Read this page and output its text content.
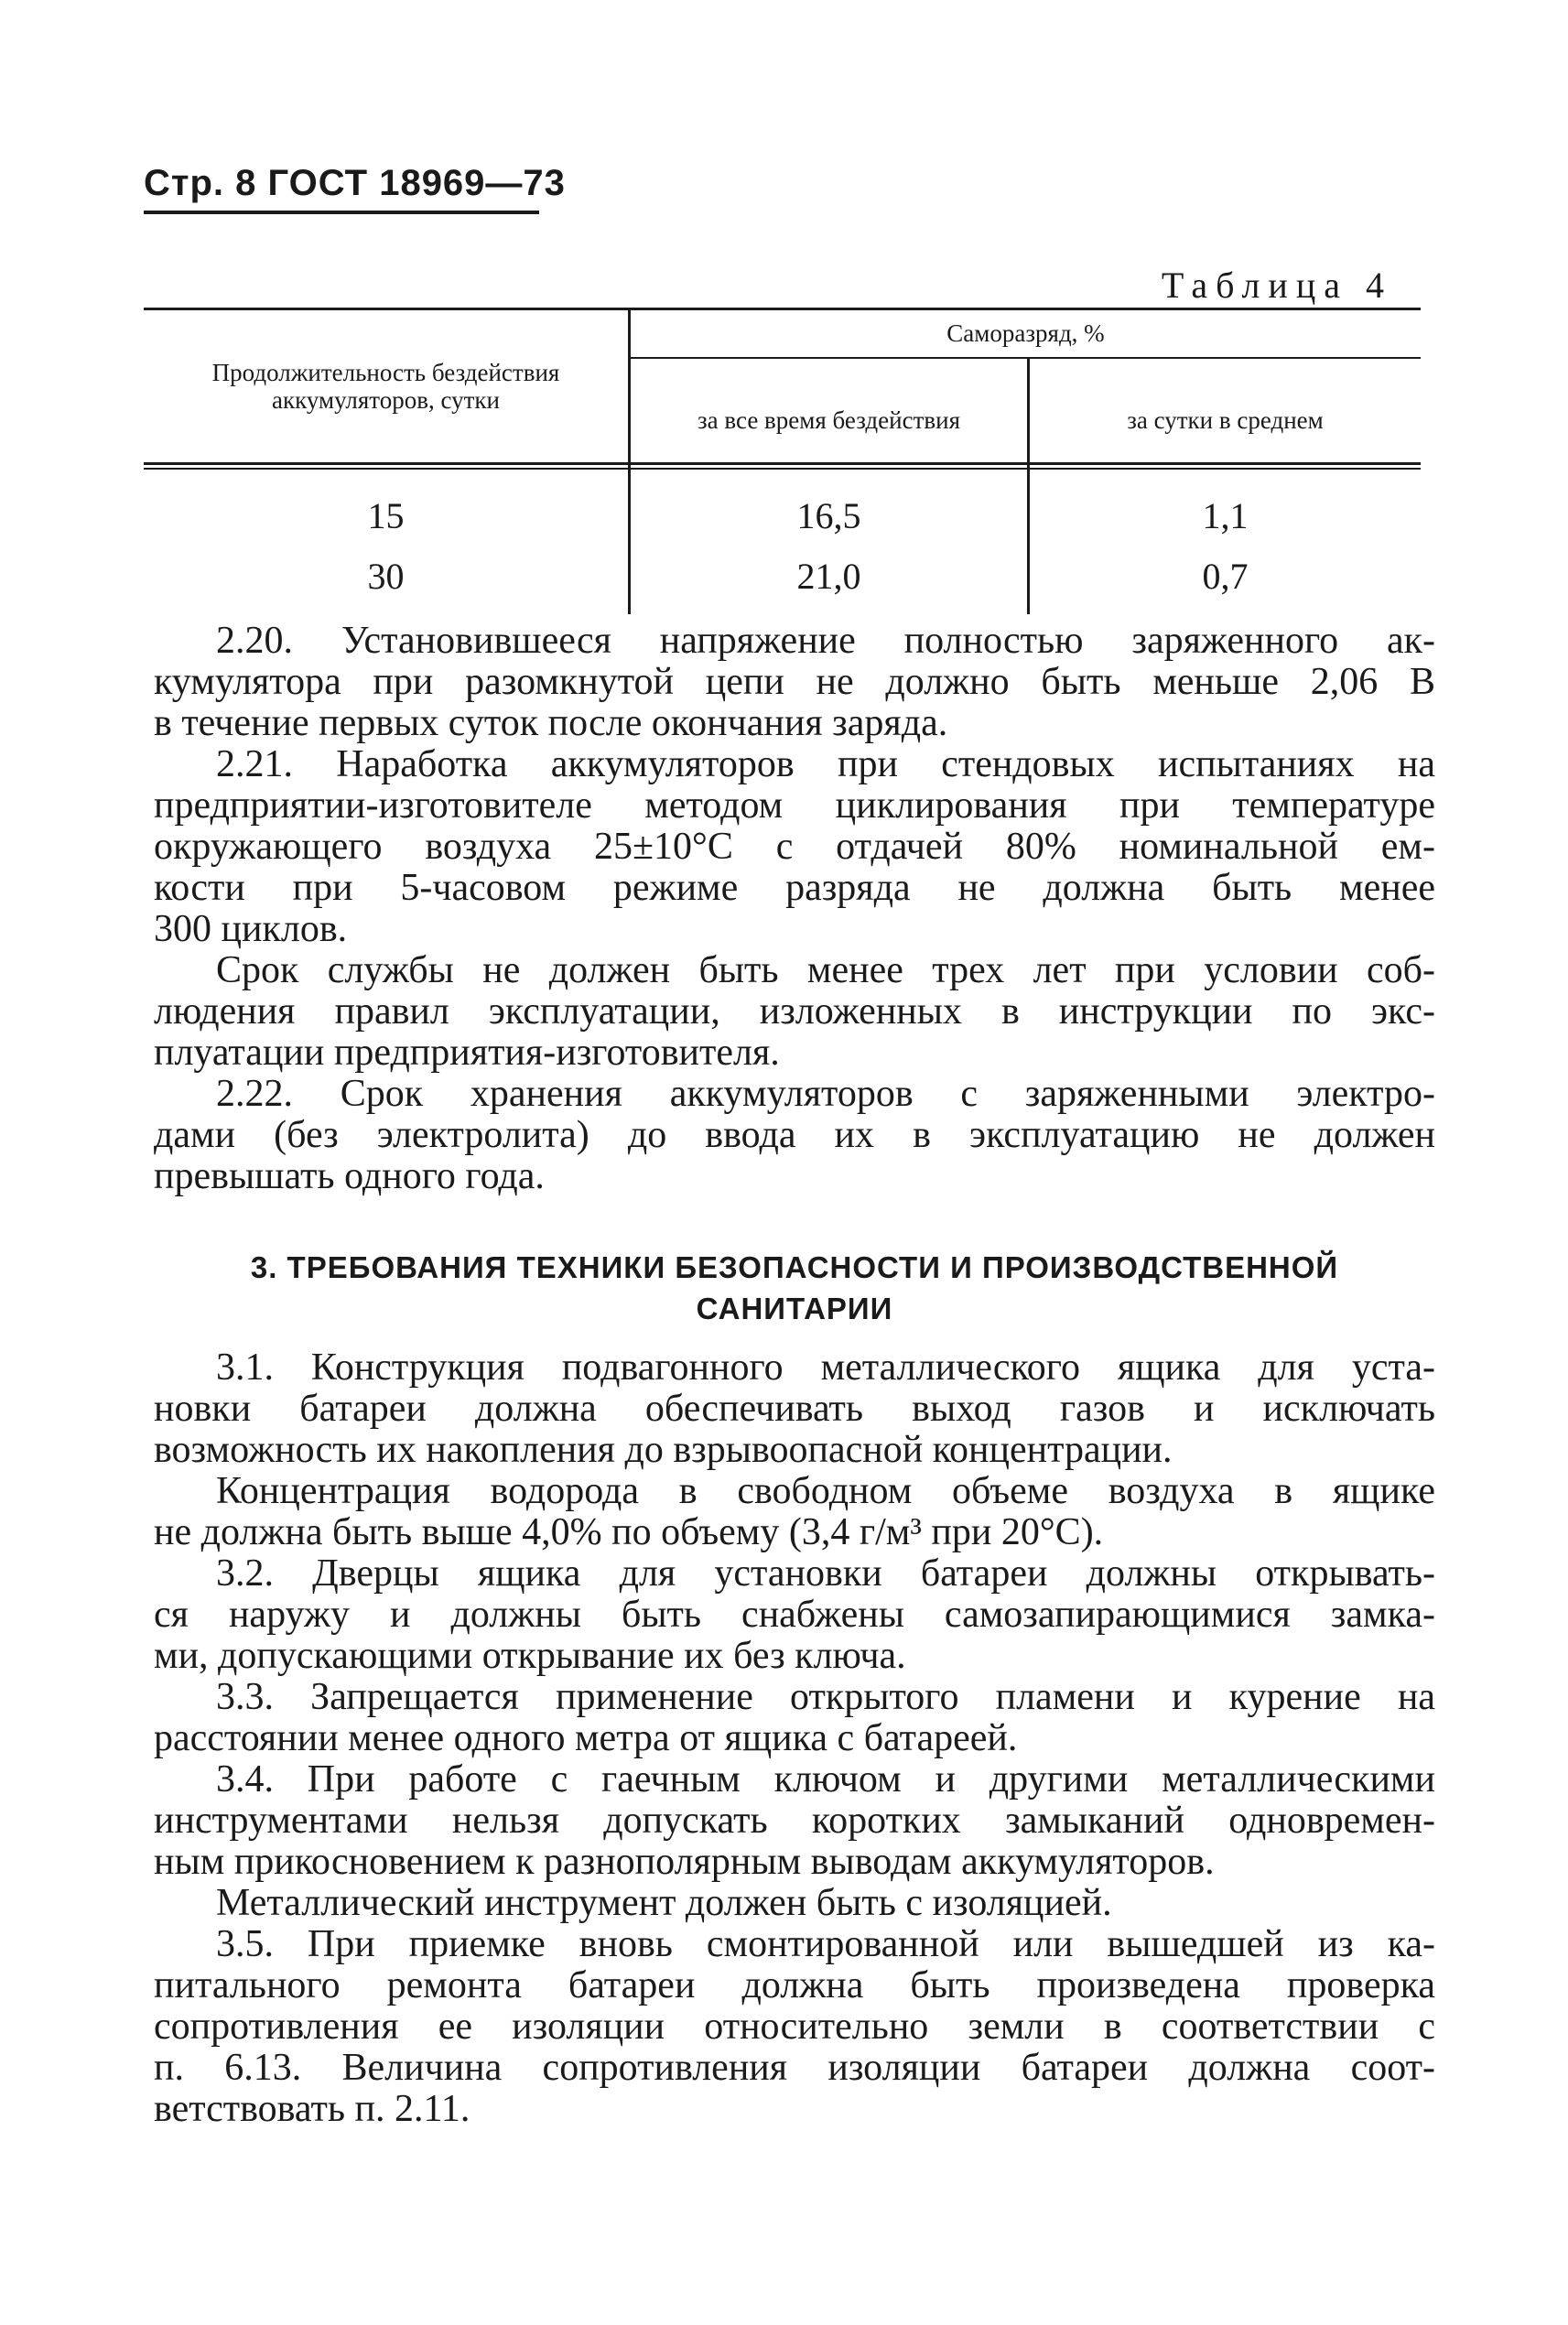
Стр. 8 ГОСТ 18969—73
Таблица 4
Продолжительность бездействия
аккумуляторов, сутки
Саморазряд, %
за все время бездействия	за сутки в среднем
15	16,5	1,1
30	21,0	0,7
2.20. Установившееся напряжение полностью заряженного ак-
кумулятора при разомкнутой цепи не должно быть меньше 2,06 В
в течение первых суток после окончания заряда.
2.21. Наработка аккумуляторов при стендовых испытаниях на
предприятии-изготовителе методом циклирования при температуре
окружающего воздуха 25±10°С с отдачей 80% номинальной ем-
кости при 5-часовом режиме разряда не должна быть менее
300 циклов.
Срок службы не должен быть менее трех лет при условии соб-
людения правил эксплуатации, изложенных в инструкции по экс-
плуатации предприятия-изготовителя.
2.22. Срок хранения аккумуляторов с заряженными электро-
дами (без электролита) до ввода их в эксплуатацию не должен
превышать одного года.
3. ТРЕБОВАНИЯ ТЕХНИКИ БЕЗОПАСНОСТИ И ПРОИЗВОДСТВЕННОЙ
САНИТАРИИ
3.1. Конструкция подвагонного металлического ящика для уста-
новки батареи должна обеспечивать выход газов и исключать
возможность их накопления до взрывоопасной концентрации.
Концентрация водорода в свободном объеме воздуха в ящике
не должна быть выше 4,0% по объему (3,4 г/м³ при 20°С).
3.2. Дверцы ящика для установки батареи должны открывать-
ся наружу и должны быть снабжены самозапирающимися замка-
ми, допускающими открывание их без ключа.
3.3. Запрещается применение открытого пламени и курение на
расстоянии менее одного метра от ящика с батареей.
3.4. При работе с гаечным ключом и другими металлическими
инструментами нельзя допускать коротких замыканий одновремен-
ным прикосновением к разнополярным выводам аккумуляторов.
Металлический инструмент должен быть с изоляцией.
3.5. При приемке вновь смонтированной или вышедшей из ка-
питального ремонта батареи должна быть произведена проверка
сопротивления ее изоляции относительно земли в соответствии с
п. 6.13. Величина сопротивления изоляции батареи должна соот-
ветствовать п. 2.11.
